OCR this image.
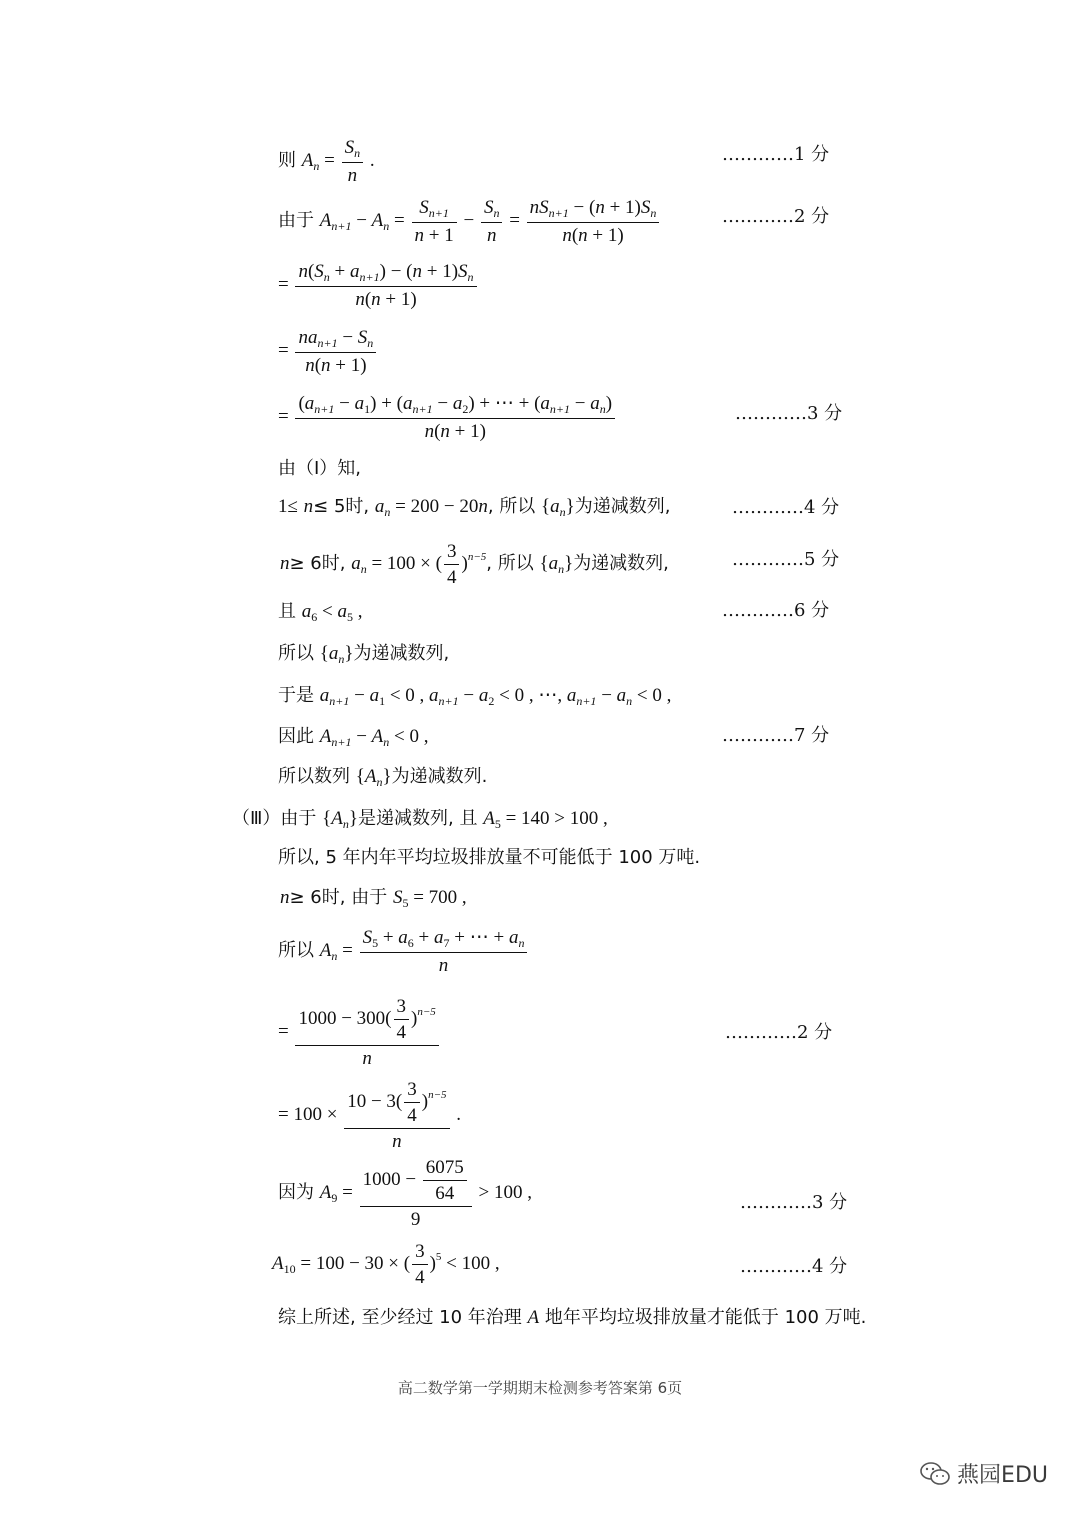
则 $A_n = \frac{S_n}{n}$ .	…………1 分
由于 $A_{n+1} - A_n = \frac{S_{n+1}}{n + 1} - \frac{S_n}{n} = \frac{nS_{n+1} - (n + 1)S_n}{n(n + 1)}$	…………2 分
= $\frac{n(S_n + a_{n+1}) - (n + 1)S_n}{n(n + 1)}$
= $\frac{na_{n+1} - S_n}{n(n + 1)}$
= $\frac{(a_{n+1} - a_1) + (a_{n+1} - a_2) + \cdots + (a_{n+1} - a_n)}{n(n + 1)}$	…………3 分
由（Ⅰ）知,
1≤ n≤ 5时, $a_n = 200 - 20n$, 所以 $\{a_n\}$为递减数列,	…………4 分
n≥ 6时, $a_n = 100$ × ( $\frac{3}{4} )^{n-5}$, 所以 $\{a_n\}$为递减数列,	…………5 分
且 $a_6 < a_5$ ,	…………6 分
所以 $\{a_n\}$为递减数列,
于是 $a_{n+1} - a_1 < 0$ , $a_{n+1} - a_2 < 0$ , ⋯, $a_{n+1} - a_n < 0$ ,
因此 $A_{n+1} - A_n < 0$ ,	…………7 分
所以数列 $\{A_n\}$为递减数列.
（Ⅲ）由于 $\{A_n\}$是递减数列, 且 $A_5 = 140 > 100$ ,
所以, 5 年内年平均垃圾排放量不可能低于 100 万吨.
n≥ 6时, 由于 $S_5 = 700$ ,
所以 $A_n = \frac{S_5 + a_6 + a_7 + \cdots + a_n}{n}$
= $\frac{1000 - 300( \frac{3}{4} )^{n-5}}{n}$	…………2 分
= $100 \times \frac{10 - 3( \frac{3}{4} )^{n-5}}{n}$ .
因为 $A_9 = \frac{1000 - \frac{6075}{64}}{9} > 100$ ,	…………3 分
$A_{10} = 100 - 30$ × ( $\frac{3}{4} )^5 < 100$ ,	…………4 分
综上所述, 至少经过 10 年治理 A 地年平均垃圾排放量才能低于 100 万吨.
高二数学第一学期期末检测参考答案第 6页
燕园EDU
